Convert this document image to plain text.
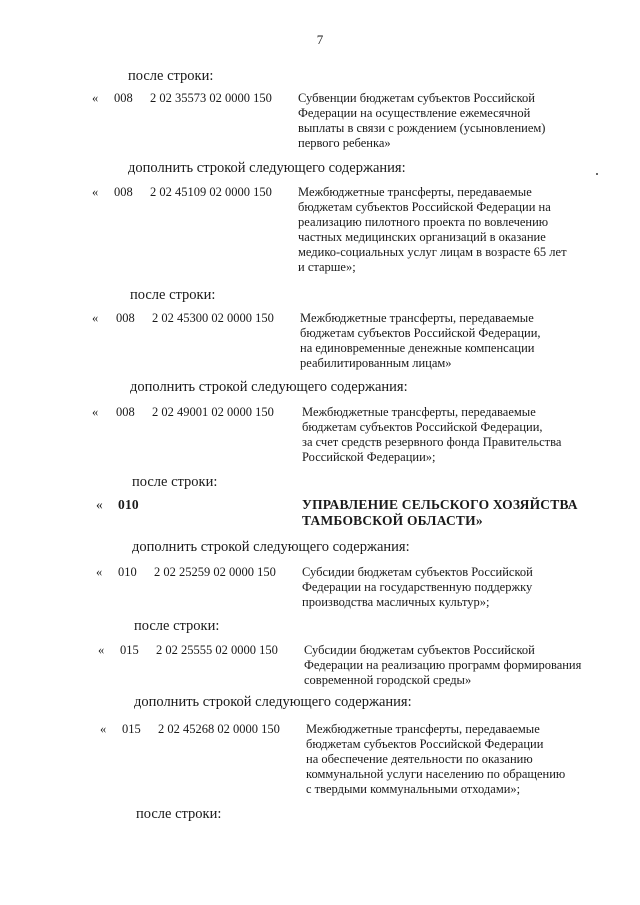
7
после строки:
« 008 2 02 35573 02 0000 150 Субвенции бюджетам субъектов Российской
Федерации на осуществление ежемесячной
выплаты в связи с рождением (усыновлением)
первого ребенка»
дополнить строкой следующего содержания:
« 008 2 02 45109 02 0000 150 Межбюджетные трансферты, передаваемые
бюджетам субъектов Российской Федерации на
реализацию пилотного проекта по вовлечению
частных медицинских организаций в оказание
медико-социальных услуг лицам в возрасте 65 лет
и старше»;
после строки:
« 008 2 02 45300 02 0000 150 Межбюджетные трансферты, передаваемые
бюджетам субъектов Российской Федерации,
на единовременные денежные компенсации
реабилитированным лицам»
дополнить строкой следующего содержания:
« 008 2 02 49001 02 0000 150 Межбюджетные трансферты, передаваемые
бюджетам субъектов Российской Федерации,
за счет средств резервного фонда Правительства
Российской Федерации»;
после строки:
« 010	УПРАВЛЕНИЕ СЕЛЬСКОГО ХОЗЯЙСТВА
ТАМБОВСКОЙ ОБЛАСТИ»
дополнить строкой следующего содержания:
« 010 2 02 25259 02 0000 150 Субсидии бюджетам субъектов Российской
Федерации на государственную поддержку
производства масличных культур»;
после строки:
« 015 2 02 25555 02 0000 150 Субсидии бюджетам субъектов Российской
Федерации на реализацию программ формирования
современной городской среды»
дополнить строкой следующего содержания:
« 015 2 02 45268 02 0000 150 Межбюджетные трансферты, передаваемые
бюджетам субъектов Российской Федерации
на обеспечение деятельности по оказанию
коммунальной услуги населению по обращению
с твердыми коммунальными отходами»;
после строки:
